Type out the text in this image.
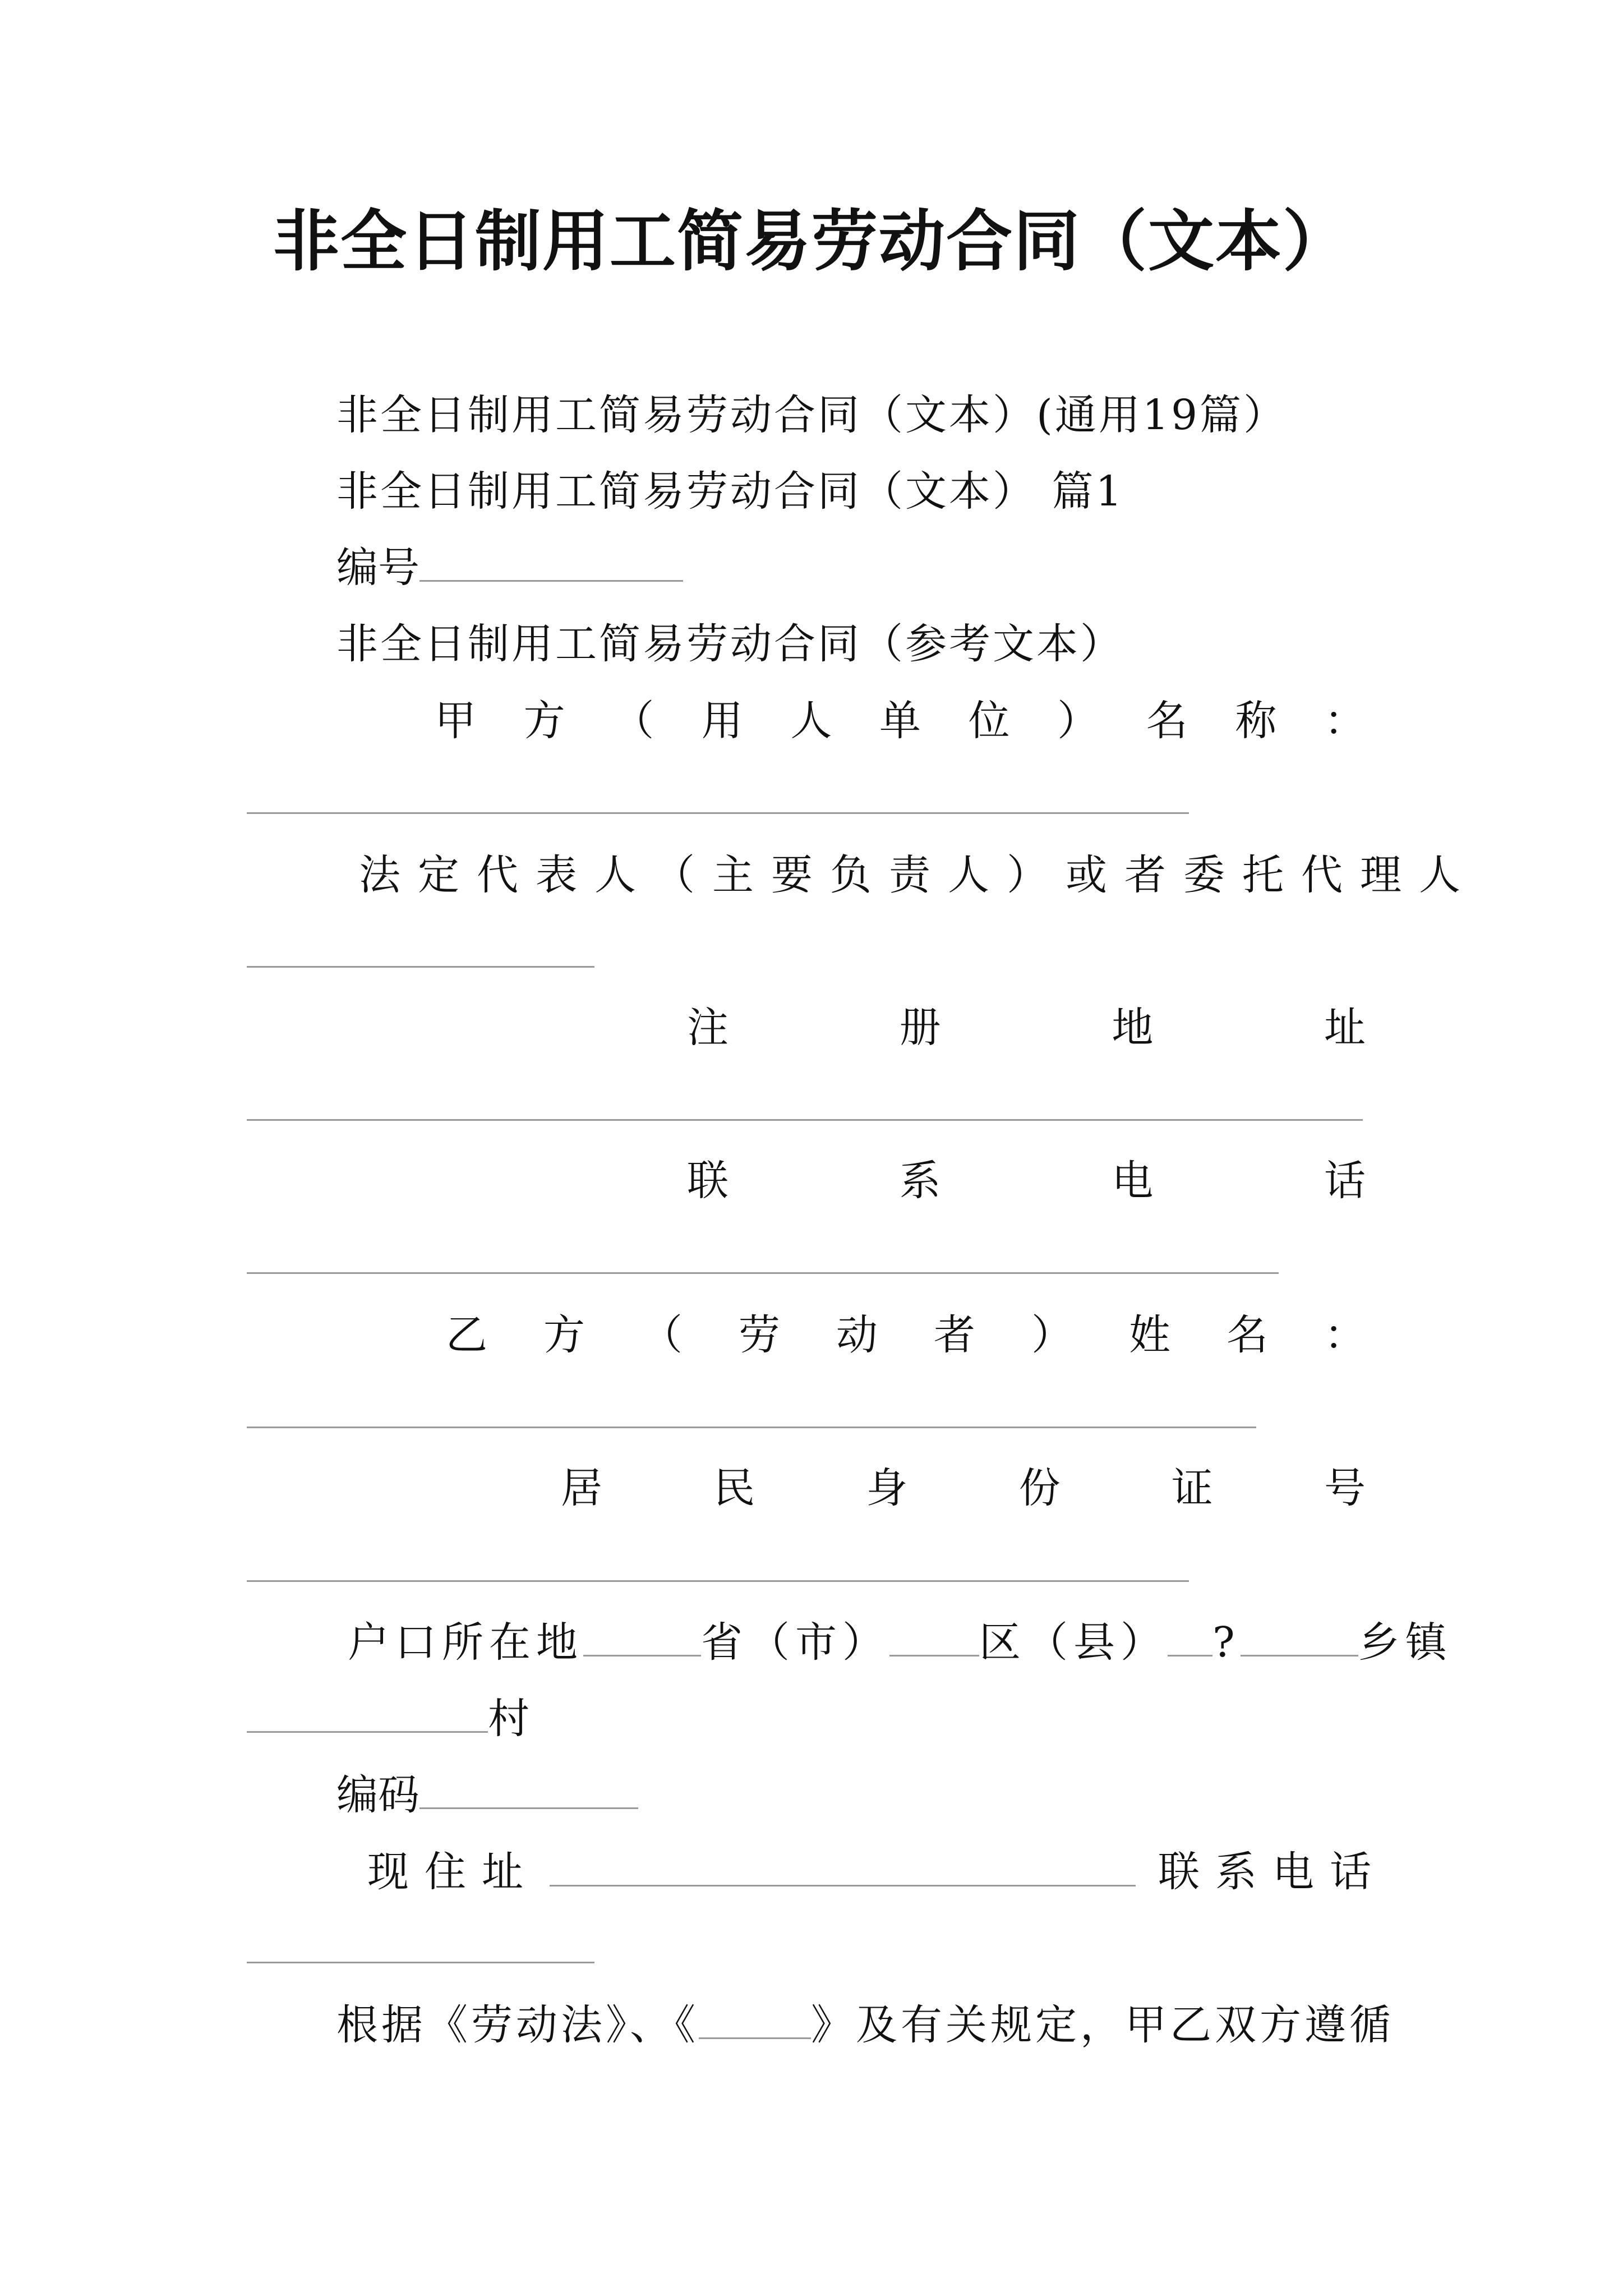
非全日制用工简易劳动合同（文本）
非全日制用工简易劳动合同（文本）(通用19篇）
非全日制用工简易劳动合同（文本） 篇1
编号
非全日制用工简易劳动合同（参考文本）
甲 方 （ 用 人 单 位 ） 名 称 ：
法定代表人（主要负责人）或者委托代理人
注	册	地	址
联	系	电	话
乙 方 （ 劳 动 者 ） 姓 名 ：
居	民	身	份	证	号
户口所在地	省（市） 区（县） ?	乡镇
村
编码
现住址	联系电话
根据《劳动法》、《	》及有关规定，甲乙双方遵循
